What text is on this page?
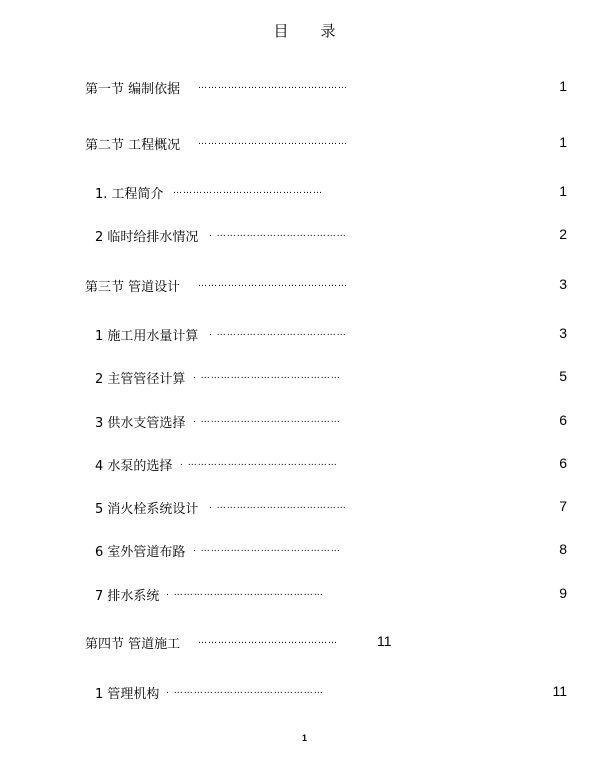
目录
第一节 编制依据 ………………………………………	1
第二节 工程概况 ………………………………………	1
1. 工程简介 ………………………………………	1
2 临时给排水情况 . …………………………………	2
第三节 管道设计 ………………………………………	3
1 施工用水量计算 . …………………………………	3
2 主管管径计算 . ……………………………………	5
3 供水支管选择 . ……………………………………	6
4 水泵的选择 . ………………………………………	6
5 消火栓系统设计 . …………………………………	7
6 室外管道布路 . ……………………………………	8
7 排水系统 . ………………………………………	9
第四节 管道施工 ……………………………………	11
1 管理机构 . ………………………………………	11
1
